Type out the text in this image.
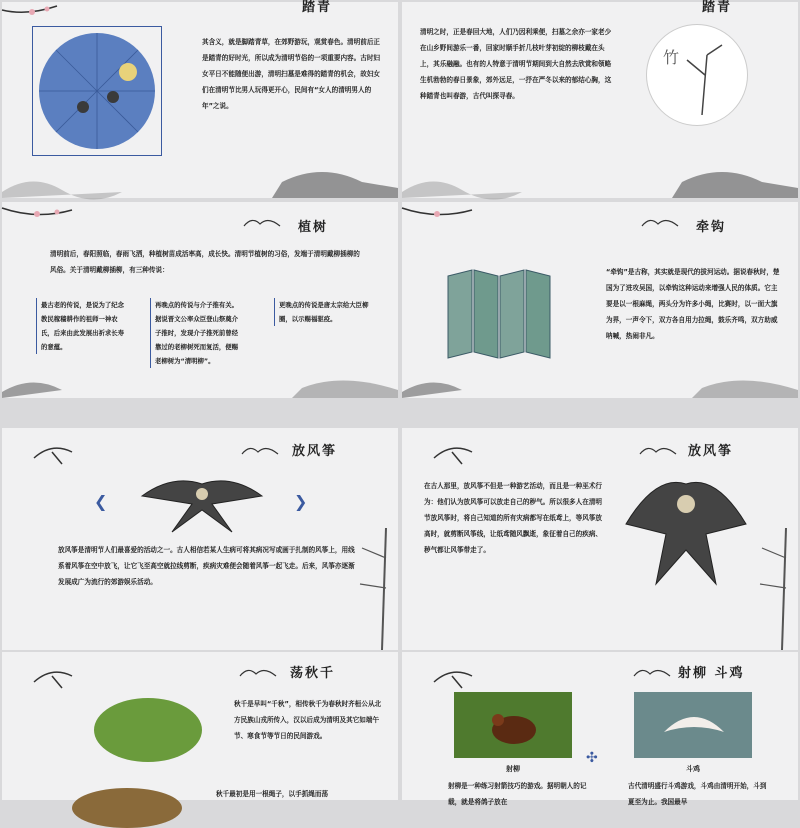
踏青
其含义，就是脚踏青草，在郊野游玩，观赏春色。清明前后正是踏青的好时光，所以成为清明节俗的一项重要内容。古时妇女平日不能随便出游，清明扫墓是难得的踏青的机会，故妇女们在清明节比男人玩得更开心，民间有“女人的清明男人的年”之说。
踏青
清明之时，正是春回大地，人们乃因利乘便，扫墓之余亦一家老少在山乡野间游乐一番，回家时顺手折几枝叶芽初绽的柳枝戴在头上，其乐融融。也有的人特意于清明节期间到大自然去欣赏和领略生机勃勃的春日景象，郊外远足，一抒在严冬以来的郁结心胸，这种踏青也叫春游，古代叫探寻春。
竹
植树
清明前后，春阳照临，春雨飞洒，种植树苗成活率高，成长快。清明节植树的习俗，发端于清明戴柳插柳的风俗。关于清明戴柳插柳，有三种传说：
最古老的传说，是说为了纪念教民稼穑耕作的祖师一神农氏，后来由此发展出祈求长寿的意蕴。
再晚点的传说与介子推有关。据说晋文公率众臣登山祭奠介子推时，发现介子推死前曾经靠过的老柳树死而复活，便赐老柳树为“清明柳”。
更晚点的传说是唐太宗给大臣柳圈，以示赐福驱疫。
牵钩
“牵钩”是古称，其实就是现代的拔河运动。据说春秋时，楚国为了进攻吴国，以牵钩这种运动来增强人民的体质。它主要是以一根麻绳，两头分为许多小绳，比赛时，以一面大旗为界，一声令下，双方各自用力拉绳，鼓乐齐鸣，双方助威呐喊，热闹非凡。
放风筝
❮	❯
放风筝是清明节人们最喜爱的活动之一。古人相信若某人生病可将其病况写或画于扎制的风筝上，用线系着风筝在空中放飞，让它飞至高空就拉线剪断，疾病灾难便会随着风筝一起飞走。后来，风筝亦逐渐发展成广为流行的郊游娱乐活动。
放风筝
在古人那里，放风筝不但是一种游艺活动，而且是一种巫术行为：他们认为放风筝可以放走自己的秽气。所以很多人在清明节放风筝时，将自己知道的所有灾病都写在纸鸢上，等风筝放高时，就剪断风筝线，让纸鸢随风飘逝，象征着自己的疾病、秽气都让风筝带走了。
荡秋千
秋千是早叫“千秋”，相传秋千为春秋时齐桓公从北方民族山戎所传入，汉以后成为清明及其它如端午节、寒食节等节日的民间游戏。
秋千最初是用一根绳子，以手抓绳而荡
射柳 斗鸡
射柳	斗鸡
✣
射柳是一种练习射箭技巧的游戏。据明朝人的记载，就是将鸽子放在
古代清明盛行斗鸡游戏，斗鸡由清明开始，斗到夏至为止。我国最早
